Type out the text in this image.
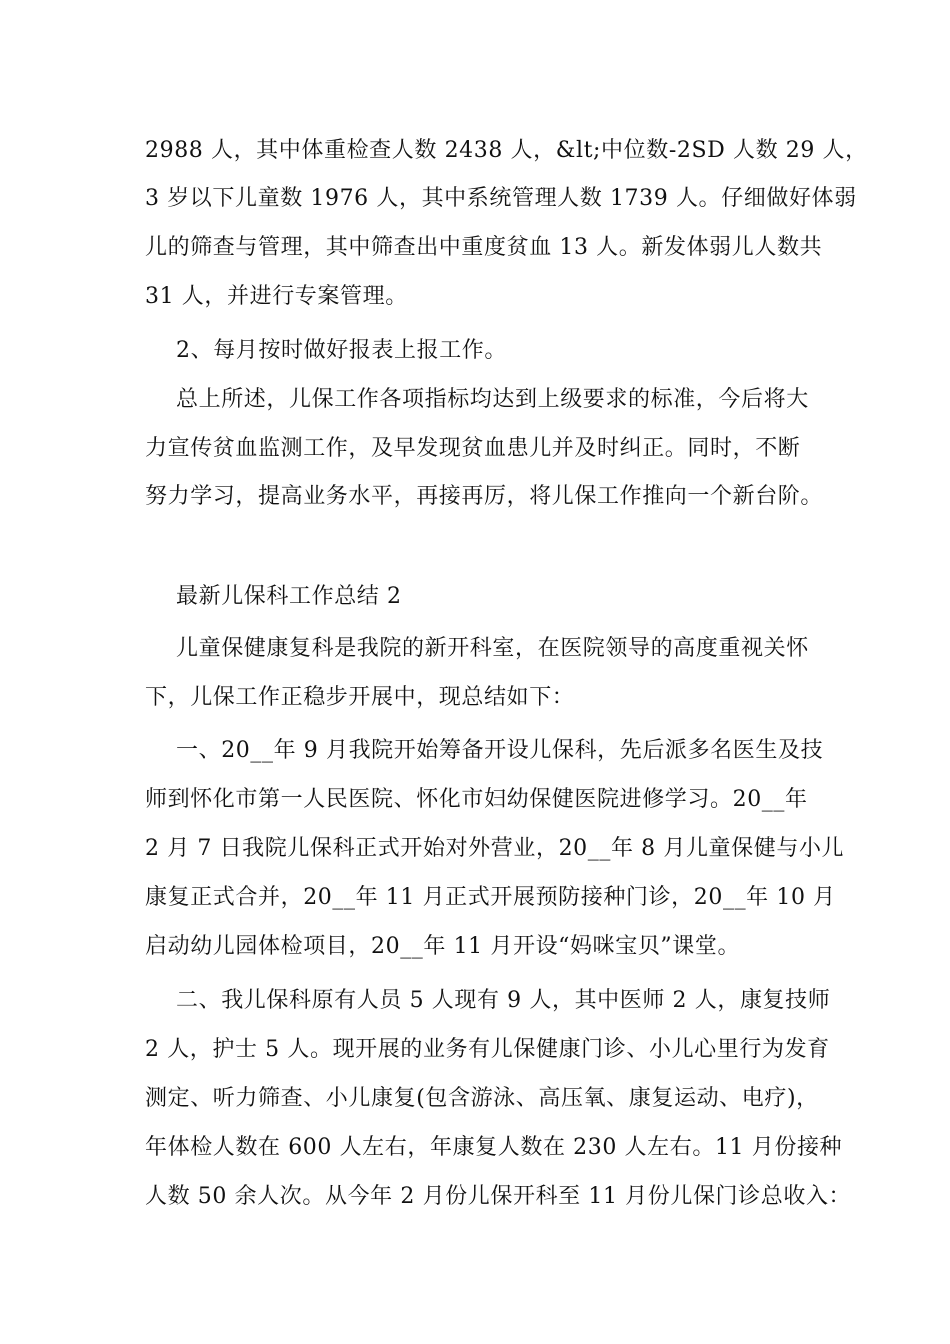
2988 人，其中体重检查人数 2438 人，&lt;中位数-2SD 人数 29 人，
3 岁以下儿童数 1976 人，其中系统管理人数 1739 人。仔细做好体弱
儿的筛查与管理，其中筛查出中重度贫血 13 人。新发体弱儿人数共
31 人，并进行专案管理。
2、每月按时做好报表上报工作。
总上所述，儿保工作各项指标均达到上级要求的标准，今后将大
力宣传贫血监测工作，及早发现贫血患儿并及时纠正。同时，不断
努力学习，提高业务水平，再接再厉，将儿保工作推向一个新台阶。
最新儿保科工作总结 2
儿童保健康复科是我院的新开科室，在医院领导的高度重视关怀
下，儿保工作正稳步开展中，现总结如下：
一、20__年 9 月我院开始筹备开设儿保科，先后派多名医生及技
师到怀化市第一人民医院、怀化市妇幼保健医院进修学习。20__年
2 月 7 日我院儿保科正式开始对外营业，20__年 8 月儿童保健与小儿
康复正式合并，20__年 11 月正式开展预防接种门诊，20__年 10 月
启动幼儿园体检项目，20__年 11 月开设“妈咪宝贝”课堂。
二、我儿保科原有人员 5 人现有 9 人，其中医师 2 人，康复技师
2 人，护士 5 人。现开展的业务有儿保健康门诊、小儿心里行为发育
测定、听力筛查、小儿康复(包含游泳、高压氧、康复运动、电疗)，
年体检人数在 600 人左右，年康复人数在 230 人左右。11 月份接种
人数 50 余人次。从今年 2 月份儿保开科至 11 月份儿保门诊总收入：
